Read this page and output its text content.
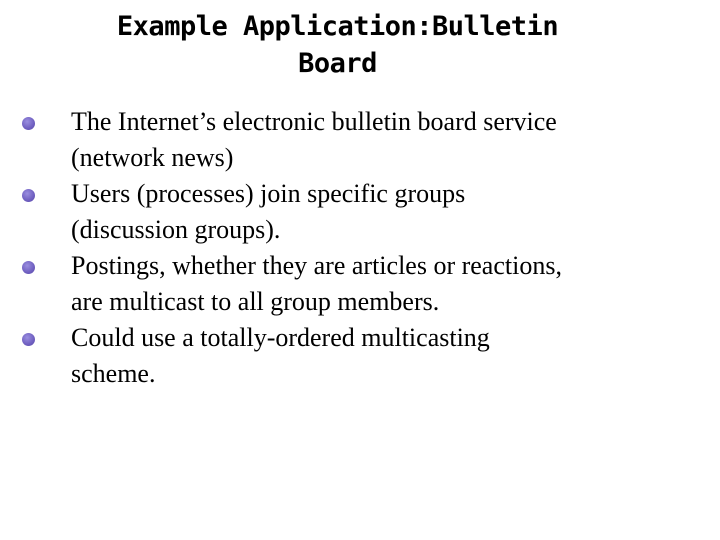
Example Application:Bulletin
Board
The Internet’s electronic bulletin board service
(network news)
Users (processes) join specific groups
(discussion groups).
Postings, whether they are articles or reactions,
are multicast to all group members.
Could use a totally-ordered multicasting
scheme.
